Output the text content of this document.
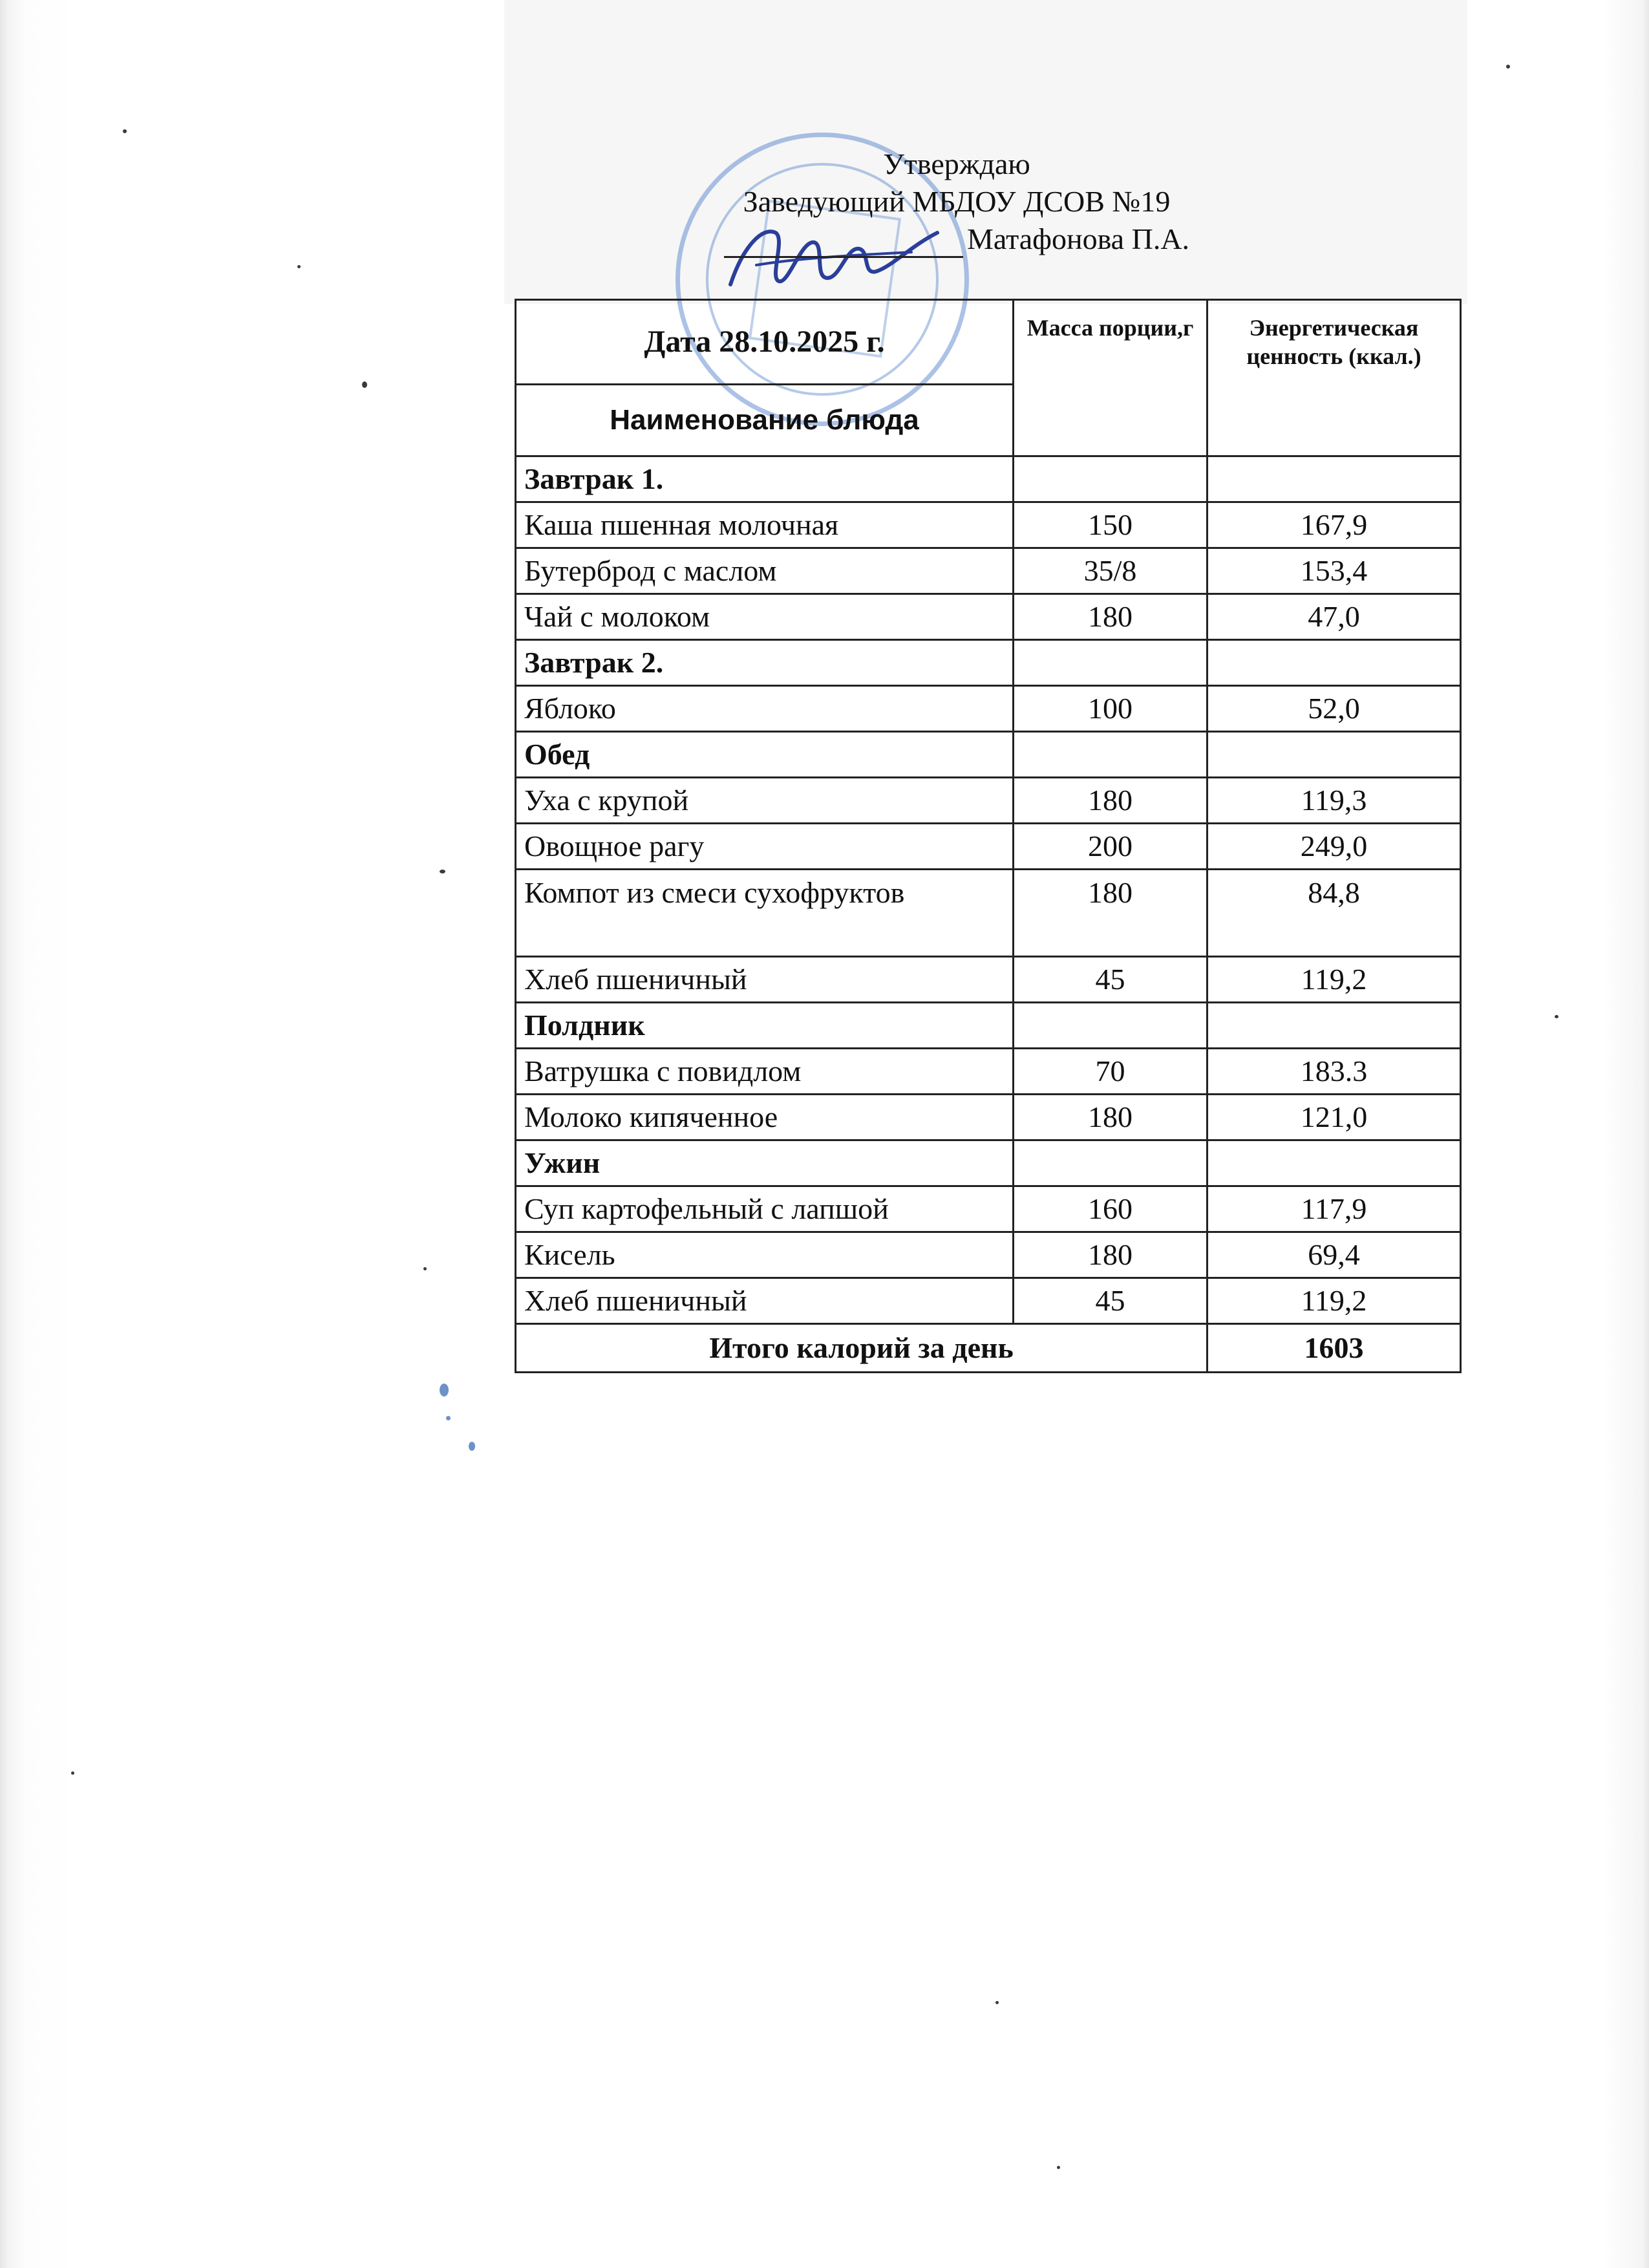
Утверждаю
Заведующий МБДОУ ДСОВ №19
Матафонова П.А.
Дата 28.10.2025 г.	Масса порции,г	Энергетическая ценность (ккал.)
Наименование блюда		
Завтрак 1.		
Каша пшенная молочная	150	167,9
Бутерброд с маслом	35/8	153,4
Чай с молоком	180	47,0
Завтрак 2.		
Яблоко	100	52,0
Обед		
Уха с крупой	180	119,3
Овощное рагу	200	249,0
Компот из смеси сухофруктов	180	84,8
Хлеб пшеничный	45	119,2
Полдник		
Ватрушка с повидлом	70	183.3
Молоко кипяченное	180	121,0
Ужин		
Суп картофельный с лапшой	160	117,9
Кисель	180	69,4
Хлеб пшеничный	45	119,2
Итого калорий за день		1603
